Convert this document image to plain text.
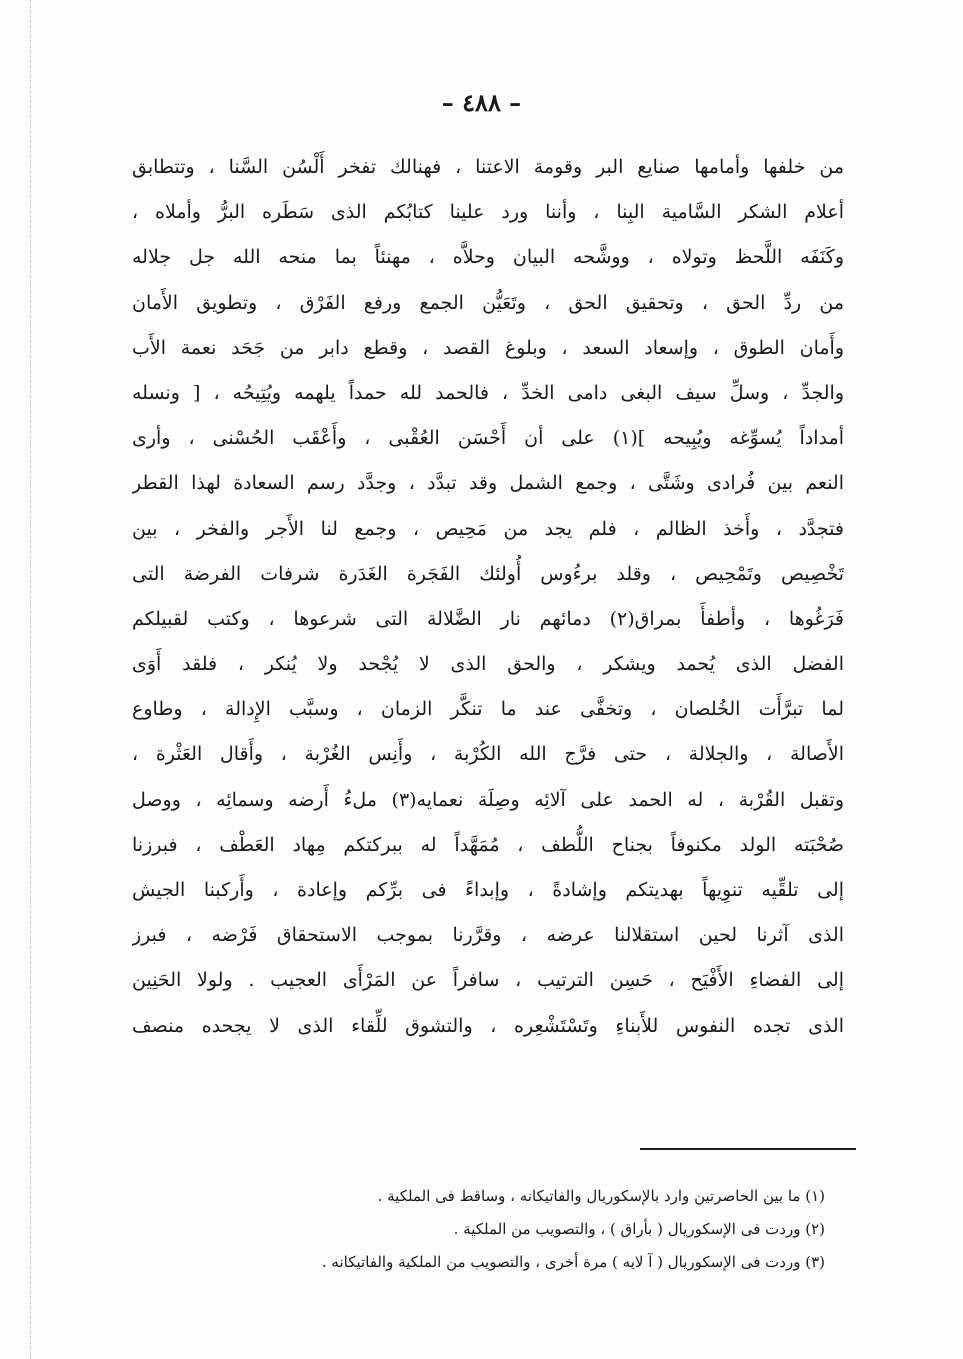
– ٤٨٨ –
من خلفها وأمامها صنايع البر وقومة الاعتنا ، فهنالك تفخر أَلْسُن السَّنا ، وتتطابق
أعلام الشكر السَّامية البِنا ، وأننا ورد علينا كتابُكم الذى سَطَره البرُّ وأملاه ،
وكَنَفَه اللَّحظ وتولاه ، ووشَّحه البيان وحلاَّه ، مهنئاً بما منحه الله جل جلاله
من ردِّ الحق ، وتحقيق الحق ، وتَعَيُّن الجمع ورفع الفَرْق ، وتطويق الأَمان
وأَمان الطوق ، وإسعاد السعد ، وبلوغ القصد ، وقطع دابر من جَحَد نعمة الأَب
والجدِّ ، وسلِّ سيف البغى دامى الخدِّ ، فالحمد لله حمداً يلهمه ويُتِيحُه ، [ ونسله
أمداداً يُسوِّغه ويُبِيحه ](١) على أن أَحْسَن العُقْبى ، وأَعْقَب الحُسْنى ، وأرى
النعم بين فُرادى وشَتَّى ، وجمع الشمل وقد تبدَّد ، وجدَّد رسم السعادة لهذا القطر
فتجدَّد ، وأَخذ الظالم ، فلم يجد من مَحِيص ، وجمع لنا الأَجر والفخر ، بين
تَخْصِيص وتَمْحِيص ، وقلد برءُوس أُولئك الفَجَرة الغَدَرة شرفات الفرضة التى
فَرَغُوها ، وأطفأَ بمراق(٢) دمائهم نار الضَّلالة التى شرعوها ، وكتب لقبيلكم
الفضل الذى يُحمد ويشكر ، والحق الذى لا يُجْحد ولا يُنكر ، فلقد أَوَى
لما تبرَّأَت الخُلصان ، وتخفَّى عند ما تنكَّر الزمان ، وسبَّب الإِدالة ، وطاوع
الأَصالة ، والجلالة ، حتى فرَّج الله الكُرْبة ، وأَنِس الغُرْبة ، وأَقال العَثْرة ،
وتقبل القُرْبة ، له الحمد على آلائِه وصِلَة نعمايه(٣) ملءُ أَرضه وسمائِه ، ووصل
صُحْبَته الولد مكنوفاً بجناح اللُّطف ، مُمَهَّداً له ببركتكم مِهاد العَطْف ، فبرزنا
إلى تلقِّيه تنوِيهاً بهديتكم وإشادةً ، وإبداءً فى برِّكم وإعادة ، وأَركبنا الجيش
الذى آثرنا لحين استقلالنا عرضه ، وقرَّرنا بموجب الاستحقاق فَرْضه ، فبرز
إلى الفضاءِ الأَفْيَح ، حَسِن الترتيب ، سافراً عن المَرْأَى العجيب . ولولا الحَنِين
الذى تجده النفوس للأَبناءِ وتَسْتَشْعِره ، والتشوق للِّقاء الذى لا يجحده منصف
(١) ما بين الحاصرتين وارد بالإسكوريال والفاتيكانه ، وساقط فى الملكية .
(٢) وردت فى الإسكوريال ( بأراق ) ، والتصويب من الملكية .
(٣) وردت فى الإسكوريال ( آ لايه ) مرة أخرى ، والتصويب من الملكية والفاتيكانه .
